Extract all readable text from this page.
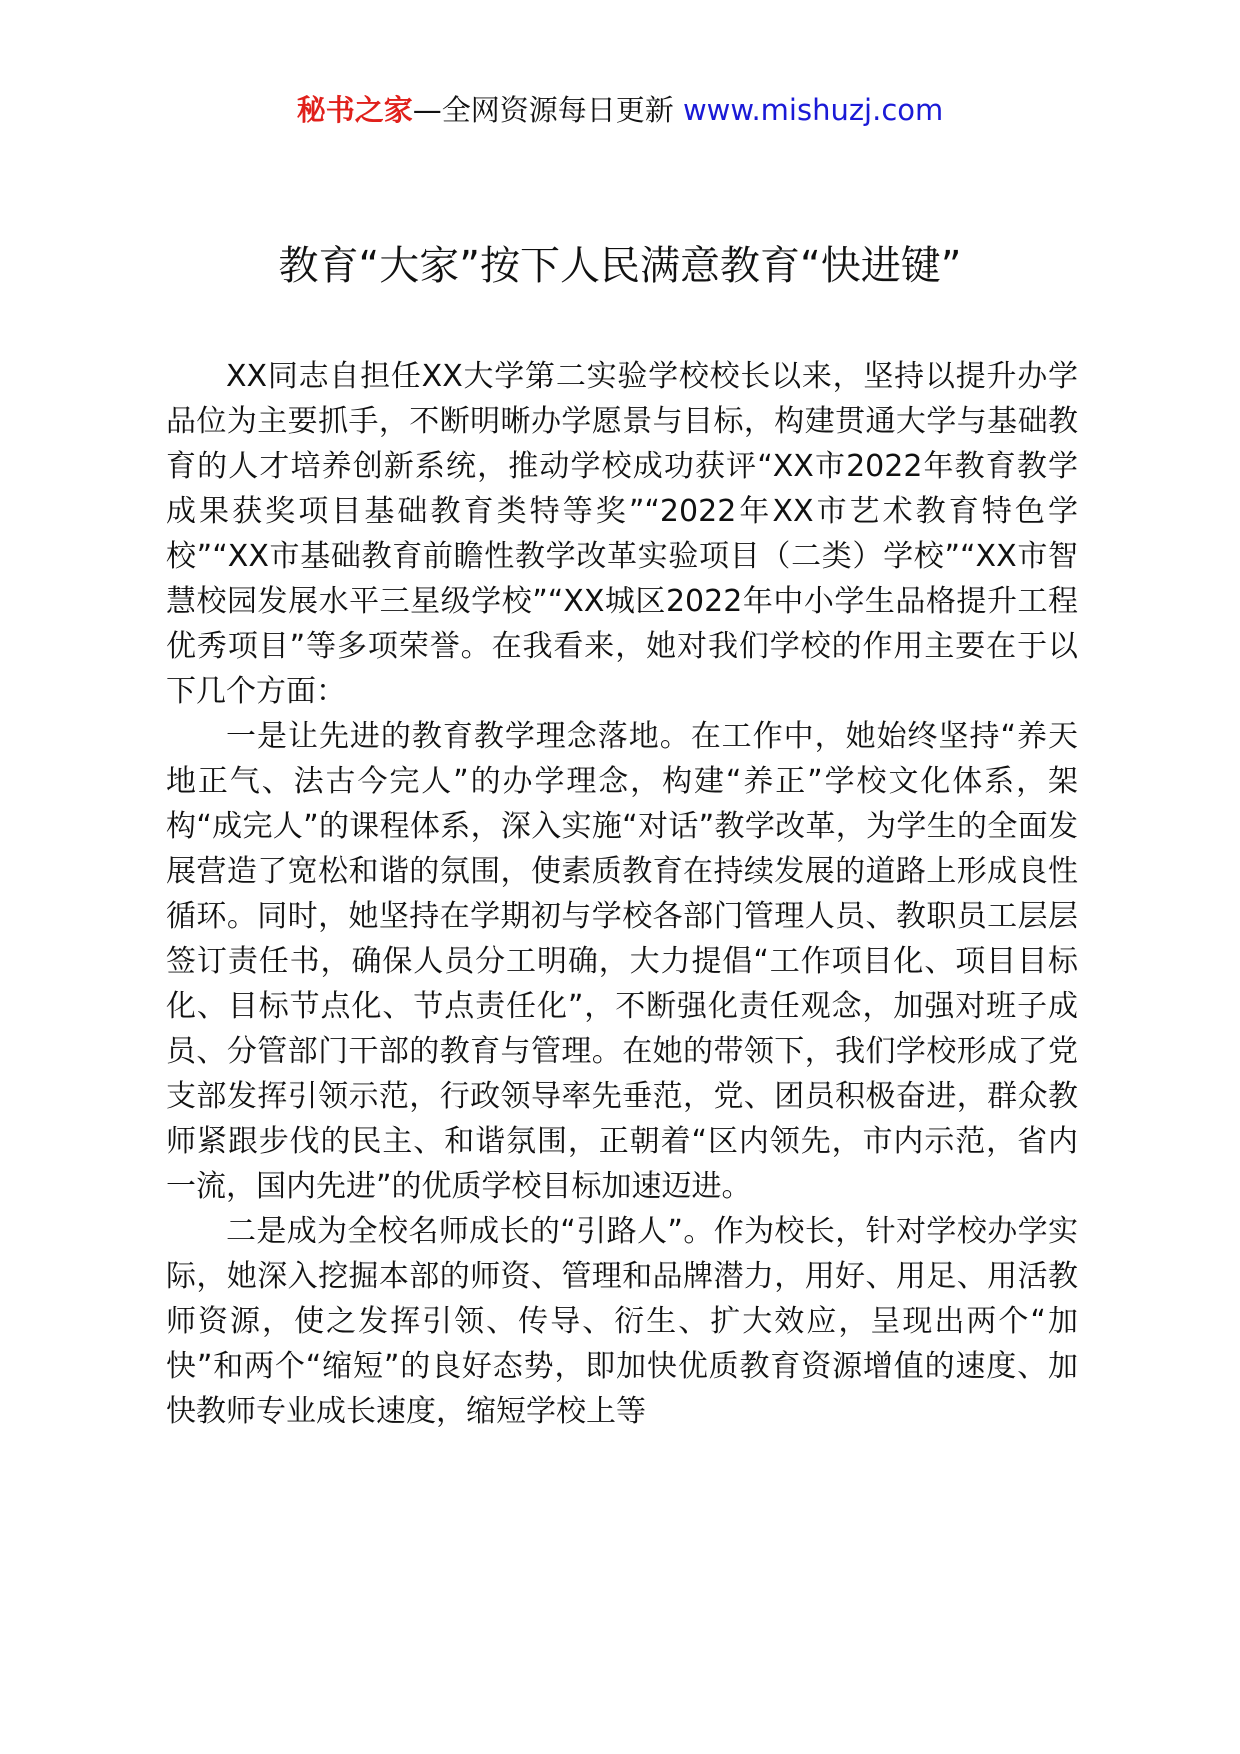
秘书之家—全网资源每日更新 www.mishuzj.com
教育“大家”按下人民满意教育“快进键”

XX同志自担任XX大学第二实验学校校长以来，坚持以提升办学品位为主要抓手，不断明晰办学愿景与目标，构建贯通大学与基础教育的人才培养创新系统，推动学校成功获评“XX市2022年教育教学成果获奖项目基础教育类特等奖”“2022年XX市艺术教育特色学校”“XX市基础教育前瞻性教学改革实验项目（二类）学校”“XX市智慧校园发展水平三星级学校”“XX城区2022年中小学生品格提升工程优秀项目”等多项荣誉。在我看来，她对我们学校的作用主要在于以下几个方面：

一是让先进的教育教学理念落地。在工作中，她始终坚持“养天地正气、法古今完人”的办学理念，构建“养正”学校文化体系，架构“成完人”的课程体系，深入实施“对话”教学改革，为学生的全面发展营造了宽松和谐的氛围，使素质教育在持续发展的道路上形成良性循环。同时，她坚持在学期初与学校各部门管理人员、教职员工层层签订责任书，确保人员分工明确，大力提倡“工作项目化、项目目标化、目标节点化、节点责任化”，不断强化责任观念，加强对班子成员、分管部门干部的教育与管理。在她的带领下，我们学校形成了党支部发挥引领示范，行政领导率先垂范，党、团员积极奋进，群众教师紧跟步伐的民主、和谐氛围，正朝着“区内领先，市内示范，省内一流，国内先进”的优质学校目标加速迈进。

二是成为全校名师成长的“引路人”。作为校长，针对学校办学实际，她深入挖掘本部的师资、管理和品牌潜力，用好、用足、用活教师资源，使之发挥引领、传导、衍生、扩大效应，呈现出两个“加快”和两个“缩短”的良好态势，即加快优质教育资源增值的速度、加快教师专业成长速度，缩短学校上等
